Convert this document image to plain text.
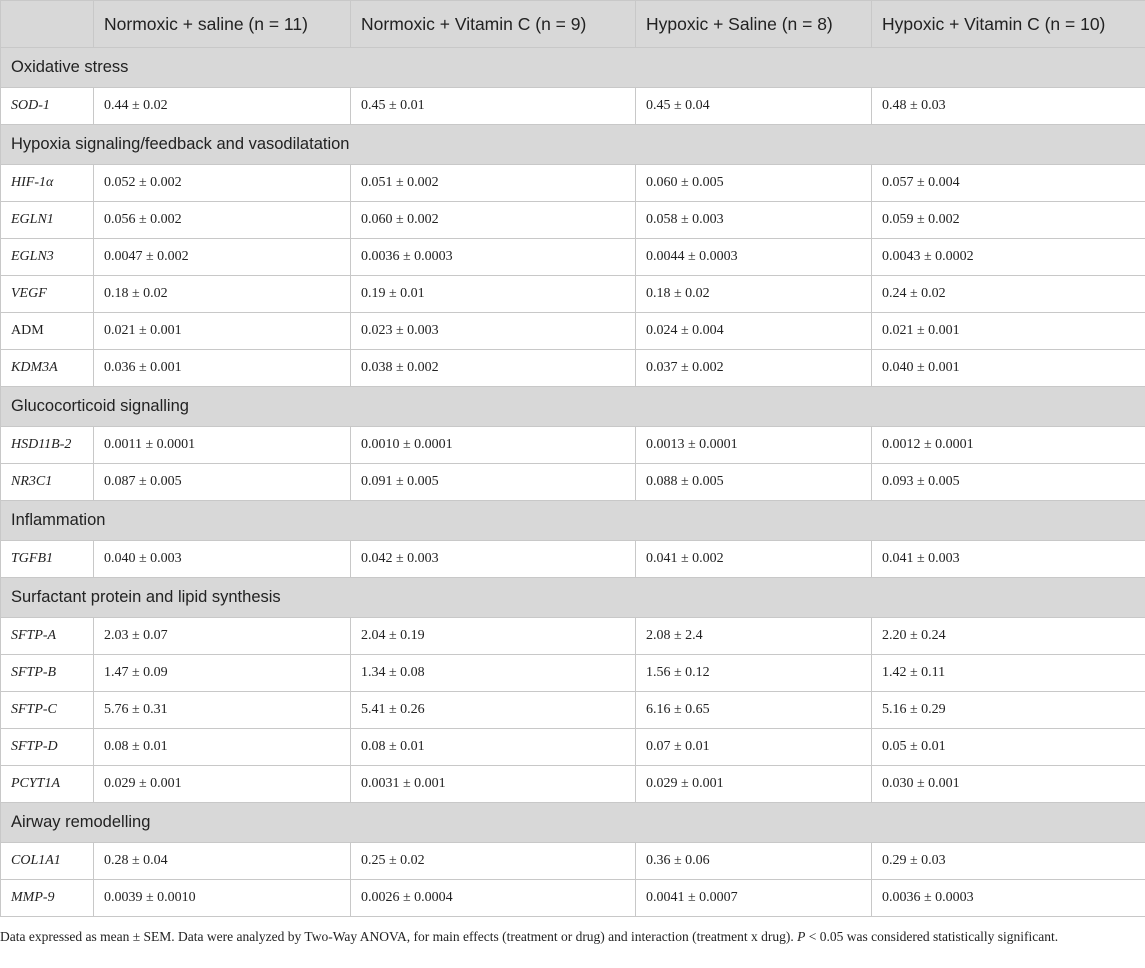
	Normoxic + saline (n = 11)	Normoxic + Vitamin C (n = 9)	Hypoxic + Saline (n = 8)	Hypoxic + Vitamin C (n = 10)
Oxidative stress				
SOD-1	0.44 ± 0.02	0.45 ± 0.01	0.45 ± 0.04	0.48 ± 0.03
Hypoxia signaling/feedback and vasodilatation				
HIF-1α	0.052 ± 0.002	0.051 ± 0.002	0.060 ± 0.005	0.057 ± 0.004
EGLN1	0.056 ± 0.002	0.060 ± 0.002	0.058 ± 0.003	0.059 ± 0.002
EGLN3	0.0047 ± 0.002	0.0036 ± 0.0003	0.0044 ± 0.0003	0.0043 ± 0.0002
VEGF	0.18 ± 0.02	0.19 ± 0.01	0.18 ± 0.02	0.24 ± 0.02
ADM	0.021 ± 0.001	0.023 ± 0.003	0.024 ± 0.004	0.021 ± 0.001
KDM3A	0.036 ± 0.001	0.038 ± 0.002	0.037 ± 0.002	0.040 ± 0.001
Glucocorticoid signalling				
HSD11B-2	0.0011 ± 0.0001	0.0010 ± 0.0001	0.0013 ± 0.0001	0.0012 ± 0.0001
NR3C1	0.087 ± 0.005	0.091 ± 0.005	0.088 ± 0.005	0.093 ± 0.005
Inflammation				
TGFB1	0.040 ± 0.003	0.042 ± 0.003	0.041 ± 0.002	0.041 ± 0.003
Surfactant protein and lipid synthesis				
SFTP-A	2.03 ± 0.07	2.04 ± 0.19	2.08 ± 2.4	2.20 ± 0.24
SFTP-B	1.47 ± 0.09	1.34 ± 0.08	1.56 ± 0.12	1.42 ± 0.11
SFTP-C	5.76 ± 0.31	5.41 ± 0.26	6.16 ± 0.65	5.16 ± 0.29
SFTP-D	0.08 ± 0.01	0.08 ± 0.01	0.07 ± 0.01	0.05 ± 0.01
PCYT1A	0.029 ± 0.001	0.0031 ± 0.001	0.029 ± 0.001	0.030 ± 0.001
Airway remodelling				
COL1A1	0.28 ± 0.04	0.25 ± 0.02	0.36 ± 0.06	0.29 ± 0.03
MMP-9	0.0039 ± 0.0010	0.0026 ± 0.0004	0.0041 ± 0.0007	0.0036 ± 0.0003
Data expressed as mean ± SEM. Data were analyzed by Two-Way ANOVA, for main effects (treatment or drug) and interaction (treatment x drug). P < 0.05 was considered statistically significant.
